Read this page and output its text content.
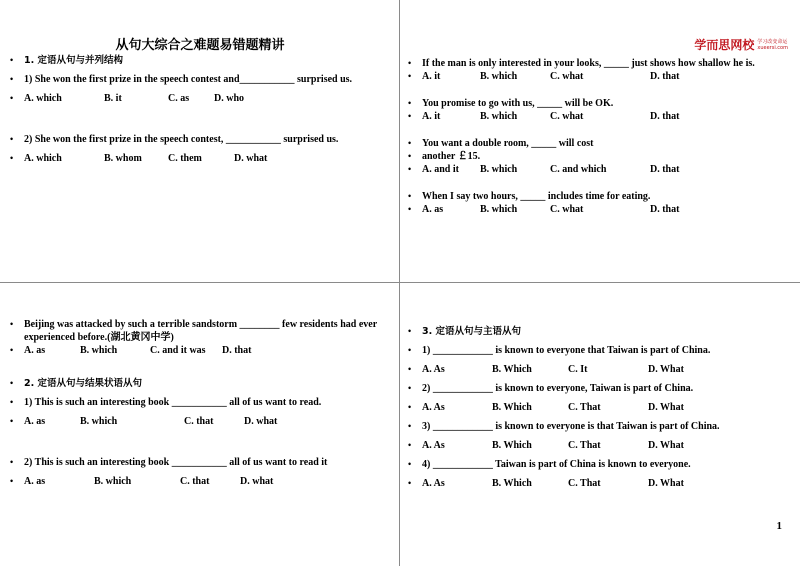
从句大综合之难题易错题精讲	学而思网校 学习改变命运
xueersi.com
•	1. 定语从句与并列结构
•	1) She won the first prize in the speech contest and___________ surprised us.
•	A. which	B. it	C. as	D. who
•	2) She won the first prize in the speech contest, ___________ surprised us.
•	A. which	B. whom	C. them	D. what
•	If the man is only interested in your looks, _____ just shows how shallow he is.
•	A. it	B. which	C. what	D. that
•	You promise to go with us, _____ will be OK.
•	A. it	B. which	C. what	D. that
•	You want a double room, _____ will cost
•	another ￡15.
•	A. and it	B. which	C. and which	D. that
•	When I say two hours, _____ includes time for eating.
•	A. as	B. which	C. what	D. that
•	Beijing was attacked by such a terrible sandstorm ________ few residents had ever experienced before.(湖北黄冈中学)
•	A. as	B. which	C. and it was	D. that
•	2. 定语从句与结果状语从句
•	1) This is such an interesting book ___________ all of us want to read.
•	A. as	B. which	C. that	D. what
•	2) This is such an interesting book ___________ all of us want to read it
•	A. as	B. which	C. that	D. what
•	3. 定语从句与主语从句
•	1) ____________ is known to everyone that Taiwan is part of China.
•	A. As	B. Which	C. It	D. What
•	2) ____________ is known to everyone, Taiwan is part of China.
•	A. As	B. Which	C. That	D. What
•	3) ____________ is known to everyone is that Taiwan is part of China.
•	A. As	B. Which	C. That	D. What
•	4) ____________ Taiwan is part of China is known to everyone.
•	A. As	B. Which	C. That	D. What
1
